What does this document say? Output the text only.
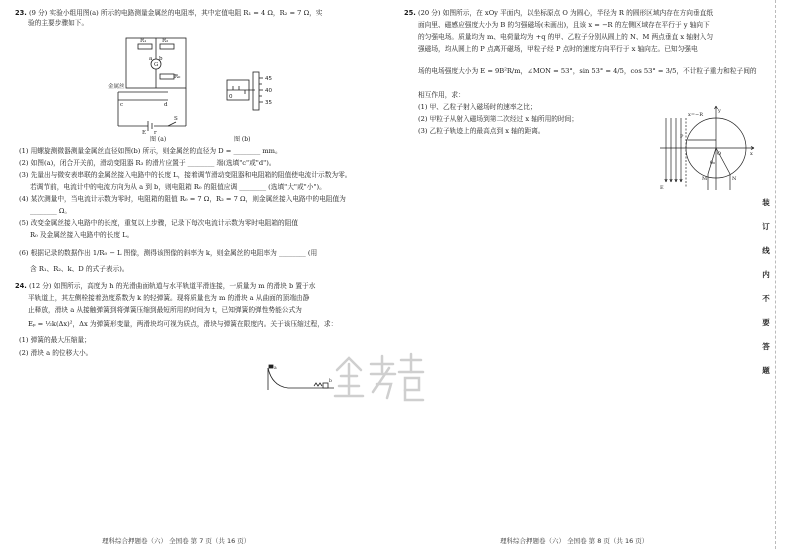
23. (9 分) 实验小组用图(a) 所示的电路测量金属丝的电阻率，其中定值电阻 R₁ = 4 Ω，R₂ = 7 Ω，实
验的主要步骤如下。
R₁	R₂
G
a b
R₀
金属丝
c	d
E r
S
图 (a)
45
40
35
0
图 (b)
(1) 用螺旋测微器测量金属丝直径如图(b) 所示，则金属丝的直径为 D = ________ mm。
(2) 如图(a)，闭合开关前，滑动变阻器 R₃ 的滑片应置于 ________ 端(选填"c"或"d")。
(3) 先量出与微安表串联的金属丝接入电路中的长度 L，接着调节滑动变阻器和电阻箱的阻值使电流计示数为零。
若调节前，电流计中的电流方向为从 a 到 b，则电阻箱 R₀ 的阻值应调 ________ (选填"大"或"小")。
(4) 某次测量中，当电流计示数为零时，电阻箱的阻值 R₀ = 7 Ω，R₂ = 7 Ω，则金属丝接入电路中的电阻值为
________ Ω。
(5) 改变金属丝接入电路中的长度，重复以上步骤，记录下每次电流计示数为零时电阻箱的阻值
R₀ 及金属丝接入电路中的长度 L。
(6) 根据记录的数据作出 1/R₀ − L 图像，测得该图像的斜率为 k，则金属丝的电阻率为 ________ (用
含 R₁、R₂、k、D 的式子表示)。
24. (12 分) 如图所示，高度为 h 的光滑曲面轨道与水平轨道平滑连接，一质量为 m 的滑块 b 置于水
平轨道上，其左侧栓接着劲度系数为 k 的轻弹簧。现将质量也为 m 的滑块 a 从曲面的顶端由静
止释放，滑块 a 从接触弹簧到将弹簧压缩到最短所用的时间为 t，已知弹簧的弹性势能公式为
Eₚ = ½k(Δx)²，Δx 为弹簧形变量，两滑块均可视为质点，滑块与弹簧在限度内。关于该压缩过程，求：
(1) 弹簧的最大压缩量；
(2) 滑块 a 的位移大小。
a
b
理科综合押题卷（六） 全国卷 第 7 页（共 16 页）
25. (20 分) 如图所示，在 xOy 平面内，以坐标原点 O 为圆心，半径为 R 的圆形区域内存在方向垂直纸
面向里、磁感应强度大小为 B 的匀强磁场(未画出)，且该 x = −R 的左侧区域存在平行于 y 轴向下
的匀强电场。质量均为 m、电荷量均为 +q 的甲、乙粒子分别从圆上的 N、M 两点垂直 x 轴射入匀
强磁场，均从圆上的 P 点离开磁场，甲粒子经 P 点时的速度方向平行于 x 轴向左。已知匀强电
场的电场强度大小为 E = 9B²R/m，∠MON = 53°，sin 53° = 4/5，cos 53° = 3/5，不计粒子重力和粒子间的
相互作用，求：
(1) 甲、乙粒子射入磁场时的速率之比；
(2) 甲粒子从射入磁场到第二次经过 x 轴所用的时间；
(3) 乙粒子轨迹上的最高点到 x 轴的距离。
y
x
O
P
M	N
E
x=−R
θ₀
理科综合押题卷（六） 全国卷 第 8 页（共 16 页）
装
订
线
内
不
要
答
题
